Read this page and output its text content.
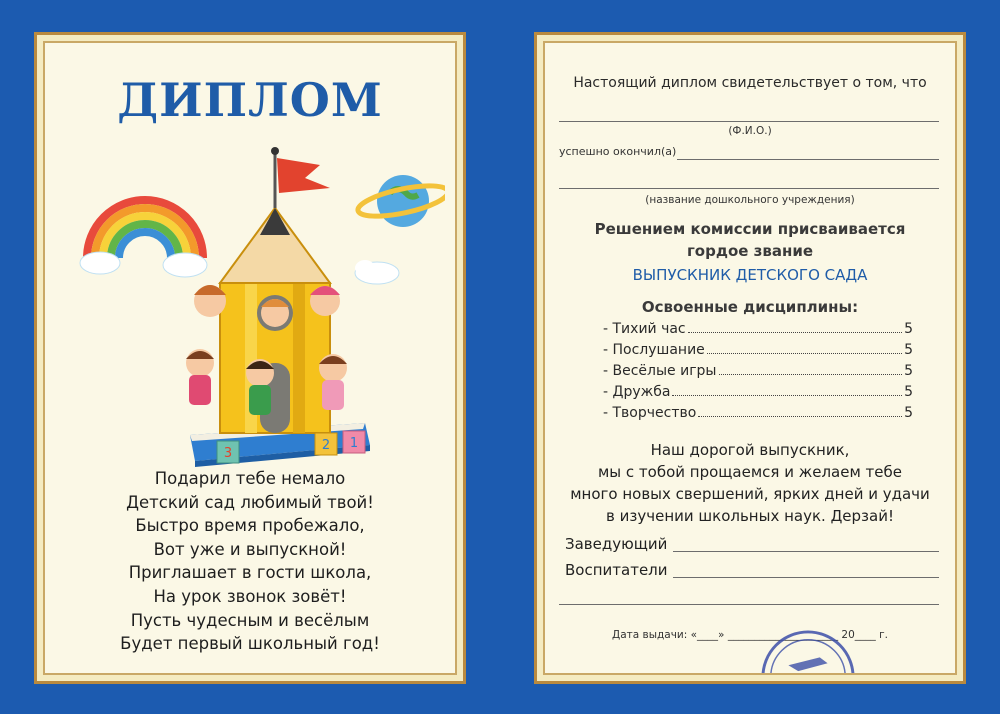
ДИПЛОМ
3
2 1
Подарил тебе немало
Детский сад любимый твой!
Быстро время пробежало,
Вот уже и выпускной!
Приглашает в гости школа,
На урок звонок зовёт!
Пусть чудесным и весёлым
Будет первый школьный год!
Настоящий диплом свидетельствует о том, что
(Ф.И.О.)
успешно окончил(а)
(название дошкольного учреждения)
Решением комиссии присваивается
гордое звание
ВЫПУСКНИК ДЕТСКОГО САДА
Освоенные дисциплины:
- Тихий час	5
- Послушание	5
- Весёлые игры	5
- Дружба	5
- Творчество	5
Наш дорогой выпускник,
мы с тобой прощаемся и желаем тебе
много новых свершений, ярких дней и удачи
в изучении школьных наук. Дерзай!
Заведующий
Воспитатели
Дата выдачи: «____» _____________________ 20____ г.
ВПЕРЁД,
МИР ЗНАНИЙ
ЖДЁТ!
